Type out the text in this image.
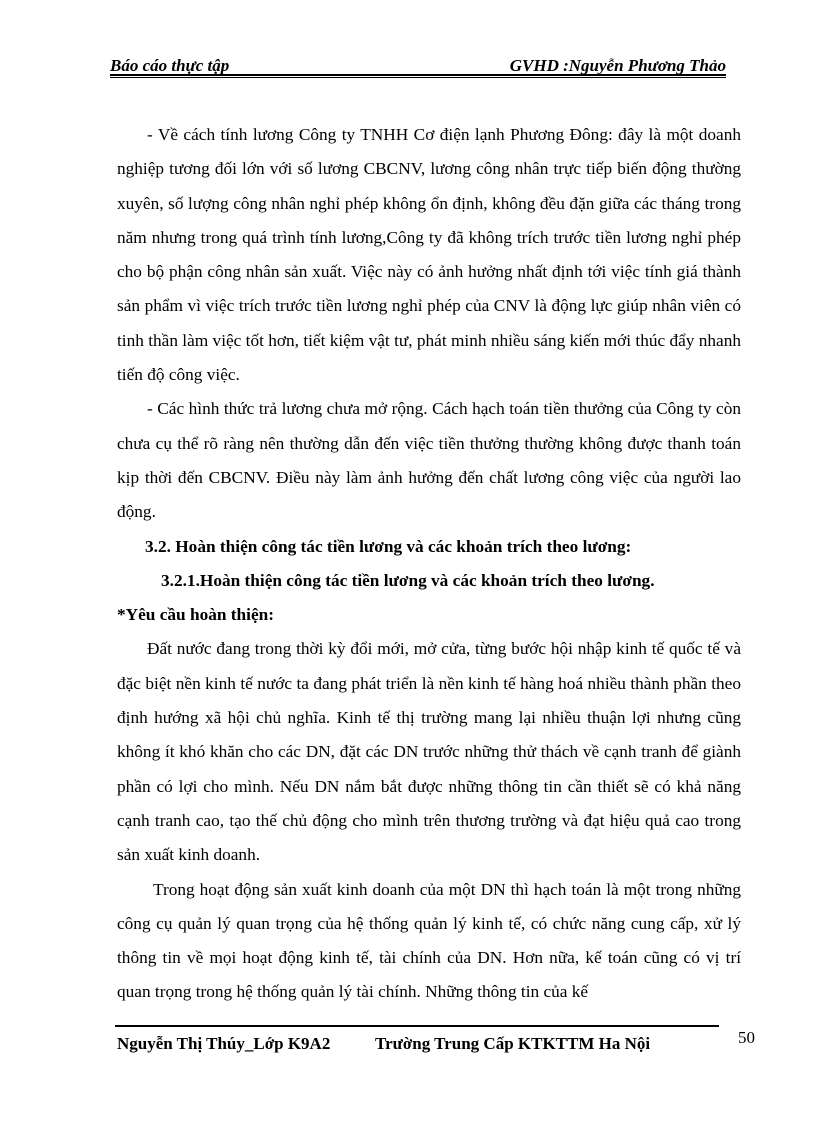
Báo cáo thực tập	GVHD :Nguyễn Phương Thảo

- Về cách tính lương Công ty TNHH Cơ điện lạnh Phương Đông: đây là một doanh nghiệp tương đối lớn với số lương CBCNV, lương công nhân trực tiếp biến động thường xuyên, số lượng công nhân nghỉ phép không ổn định, không đều đặn giữa các tháng trong năm nhưng trong quá trình tính lương,Công ty đã không trích trước tiền lương nghỉ phép cho bộ phận công nhân sản xuất. Việc này có ảnh hưởng nhất định tới việc tính giá thành sản phẩm vì việc trích trước tiền lương nghỉ phép của CNV là động lực giúp nhân viên có tinh thần làm việc tốt hơn, tiết kiệm vật tư, phát minh nhiều sáng kiến mới thúc đẩy nhanh tiến độ công việc.

- Các hình thức trả lương chưa mở rộng. Cách hạch toán tiền thưởng của Công ty còn chưa cụ thể rõ ràng nên thường dẫn đến việc tiền thưởng thường không được thanh toán kịp thời đến CBCNV. Điều này làm ảnh hưởng đến chất lương công việc của người lao động.

3.2. Hoàn thiện công tác tiền lương và các khoản trích theo lương:

3.2.1.Hoàn thiện công tác tiền lương và các khoản trích theo lương.

*Yêu cầu hoàn thiện:

Đất nước đang trong thời kỳ đổi mới, mở cửa, từng bước hội nhập kinh tế quốc tế và đặc biệt nền kinh tế nước ta đang phát triển là nền kinh tế hàng hoá nhiều thành phần theo định hướng xã hội chủ nghĩa. Kinh tế thị trường mang lại nhiều thuận lợi nhưng cũng không ít khó khăn cho các DN, đặt các DN trước những thử thách về cạnh tranh để giành phần có lợi cho mình. Nếu DN nắm bắt được những thông tin cần thiết sẽ có khả năng cạnh tranh cao, tạo thế chủ động cho mình trên thương trường và đạt hiệu quả cao trong sản xuất kinh doanh.

Trong hoạt động sản xuất kinh doanh của một DN thì hạch toán là một trong những công cụ quản lý quan trọng của hệ thống quản lý kinh tế, có chức năng cung cấp, xử lý thông tin về mọi hoạt động kinh tế, tài chính của DN. Hơn nữa, kế toán cũng có vị trí quan trọng trong hệ thống quản lý tài chính. Những thông tin của kế

Nguyễn Thị Thúy_Lớp K9A2	Trường Trung Cấp KTKTTM Ha Nội	50
